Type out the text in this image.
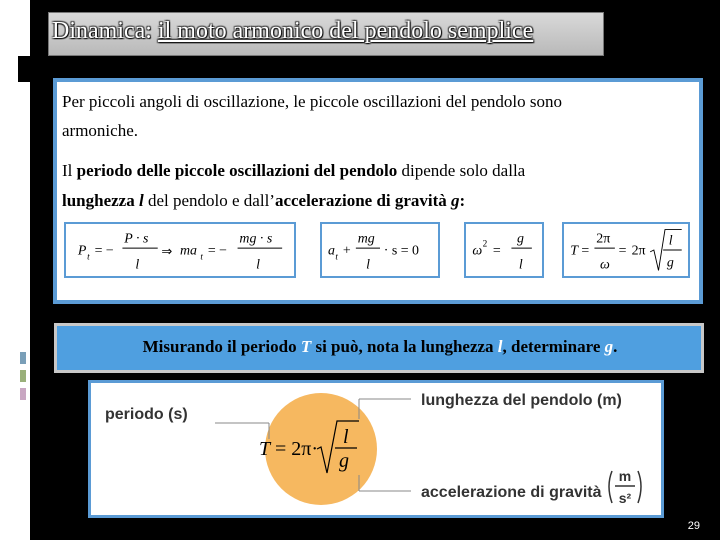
Dinamica: il moto armonico del pendolo semplice
Per piccoli angoli di oscillazione, le piccole oscillazioni del pendolo sono
armoniche.
Il periodo delle piccole oscillazioni del pendolo dipende solo dalla
lunghezza l del pendolo e dall’accelerazione di gravità g:
P t = −
P · s
l
⇒ ma t = −
mg · s
l
a t +
mg
l
· s = 0	ω 2 =
g
l
T =
2π
ω
= 2π
l
g
Misurando il periodo T si può, nota la lunghezza l, determinare g.
periodo (s)
lunghezza del pendolo (m)
accelerazione di gravità
m
s²
T = 2π·
l
g
29
